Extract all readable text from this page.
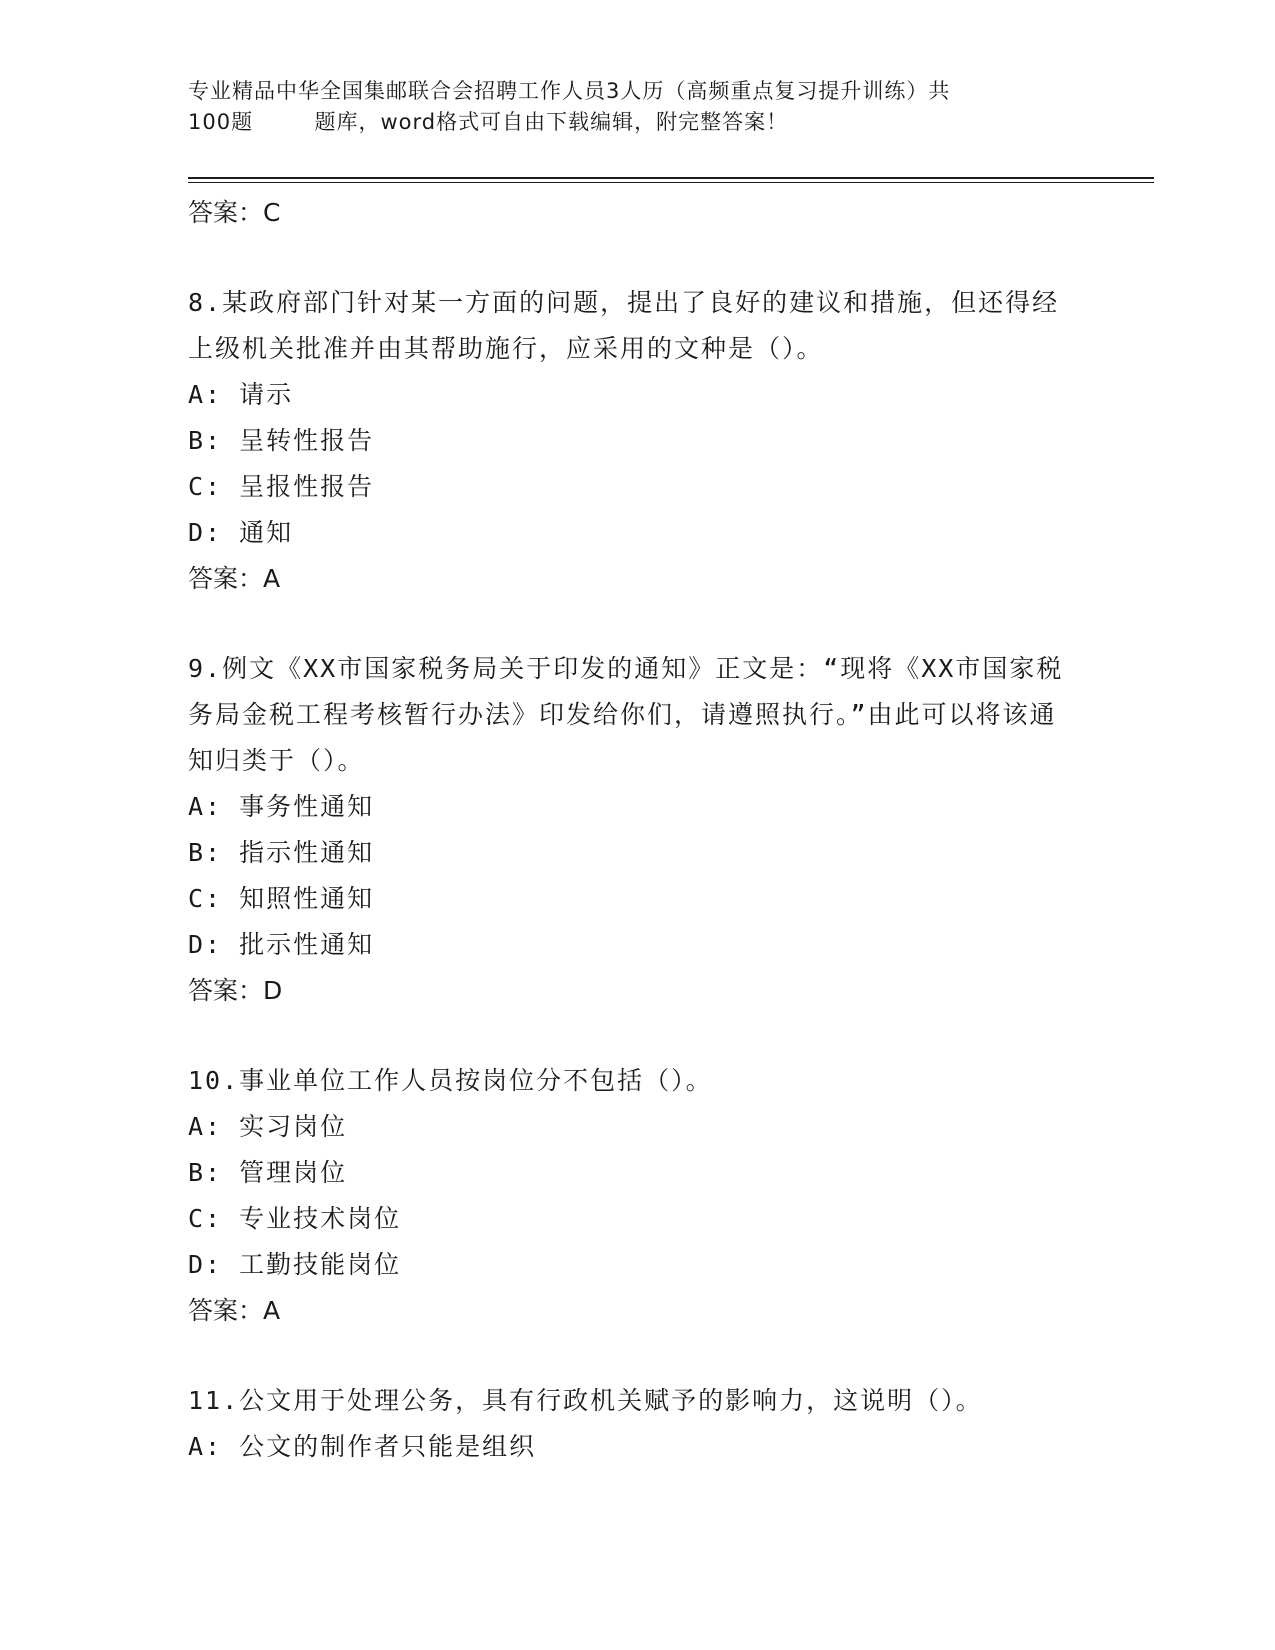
专业精品中华全国集邮联合会招聘工作人员3人历（高频重点复习提升训练）共

100题        题库，word格式可自由下载编辑，附完整答案！
答案：C
8.某政府部门针对某一方面的问题，提出了良好的建议和措施，但还得经上级机关批准并由其帮助施行，应采用的文种是（）。
A: 请示
B: 呈转性报告
C: 呈报性报告
D: 通知
答案：A
9.例文《XX市国家税务局关于印发的通知》正文是：“现将《XX市国家税务局金税工程考核暂行办法》印发给你们，请遵照执行。”由此可以将该通知归类于（）。
A: 事务性通知
B: 指示性通知
C: 知照性通知
D: 批示性通知
答案：D
10.事业单位工作人员按岗位分不包括（）。
A: 实习岗位
B: 管理岗位
C: 专业技术岗位
D: 工勤技能岗位
答案：A
11.公文用于处理公务，具有行政机关赋予的影响力，这说明（）。
A: 公文的制作者只能是组织
